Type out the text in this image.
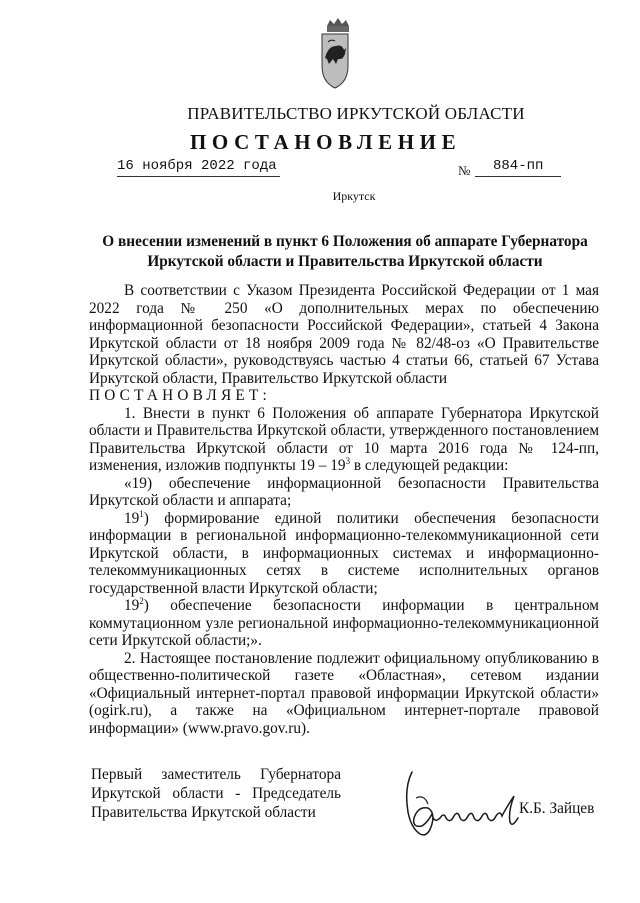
ПРАВИТЕЛЬСТВО ИРКУТСКОЙ ОБЛАСТИ
ПОСТАНОВЛЕНИЕ
16 ноября 2022 года	№	884-пп
Иркутск
О внесении изменений в пункт 6 Положения об аппарате Губернатора
Иркутской области и Правительства Иркутской области

В соответствии с Указом Президента Российской Федерации от 1 мая 2022 года № 250 «О дополнительных мерах по обеспечению информационной безопасности Российской Федерации», статьей 4 Закона Иркутской области от 18 ноября 2009 года № 82/48-оз «О Правительстве Иркутской области», руководствуясь частью 4 статьи 66, статьей 67 Устава Иркутской области, Правительство Иркутской области

ПОСТАНОВЛЯЕТ:

1. Внести в пункт 6 Положения об аппарате Губернатора Иркутской области и Правительства Иркутской области, утвержденного постановлением Правительства Иркутской области от 10 марта 2016 года № 124-пп, изменения, изложив подпункты $19 - 19^3$ в следующей редакции:

«19) обеспечение информационной безопасности Правительства Иркутской области и аппарата;

$19^1$) формирование единой политики обеспечения безопасности информации в региональной информационно-телекоммуникационной сети Иркутской области, в информационных системах и информационно-телекоммуникационных сетях в системе исполнительных органов государственной власти Иркутской области;

$19^2$) обеспечение безопасности информации в центральном коммутационном узле региональной информационно-телекоммуникационной сети Иркутской области;».

2. Настоящее постановление подлежит официальному опубликованию в общественно-политической газете «Областная», сетевом издании «Официальный интернет-портал правовой информации Иркутской области» (ogirk.ru), а также на «Официальном интернет-портале правовой информации» (www.pravo.gov.ru).

Первый заместитель Губернатора
Иркутской области - Председатель
Правительства Иркутской области	К.Б. Зайцев
